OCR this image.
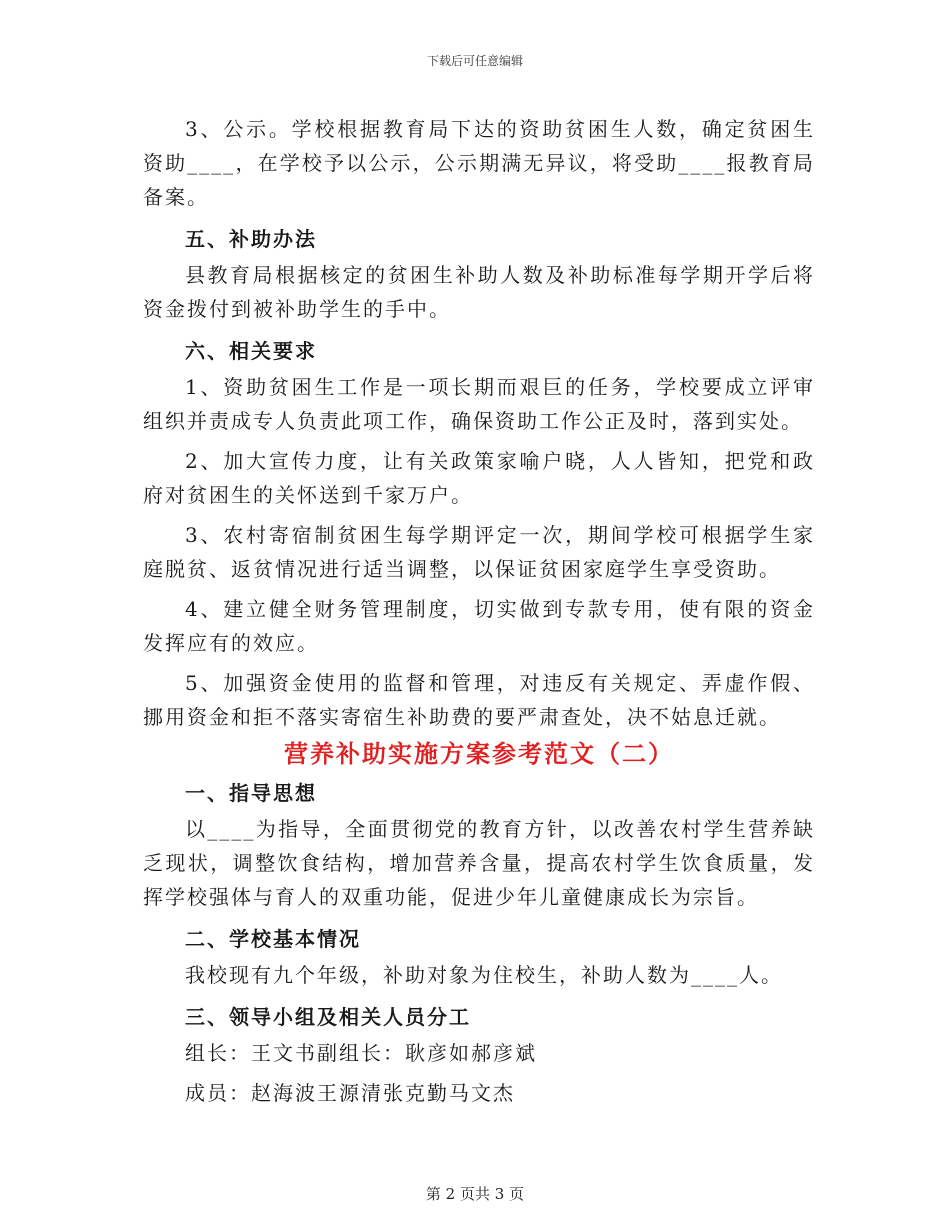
下载后可任意编辑

3、公示。学校根据教育局下达的资助贫困生人数，确定贫困生资助____，在学校予以公示，公示期满无异议，将受助____报教育局备案。

五、补助办法

县教育局根据核定的贫困生补助人数及补助标准每学期开学后将资金拨付到被补助学生的手中。

六、相关要求

1、资助贫困生工作是一项长期而艰巨的任务，学校要成立评审组织并责成专人负责此项工作，确保资助工作公正及时，落到实处。

2、加大宣传力度，让有关政策家喻户晓，人人皆知，把党和政府对贫困生的关怀送到千家万户。

3、农村寄宿制贫困生每学期评定一次，期间学校可根据学生家庭脱贫、返贫情况进行适当调整，以保证贫困家庭学生享受资助。

4、建立健全财务管理制度，切实做到专款专用，使有限的资金发挥应有的效应。

5、加强资金使用的监督和管理，对违反有关规定、弄虚作假、挪用资金和拒不落实寄宿生补助费的要严肃查处，决不姑息迁就。

营养补助实施方案参考范文（二）
一、指导思想

以____为指导，全面贯彻党的教育方针，以改善农村学生营养缺乏现状，调整饮食结构，增加营养含量，提高农村学生饮食质量，发挥学校强体与育人的双重功能，促进少年儿童健康成长为宗旨。

二、学校基本情况

我校现有九个年级，补助对象为住校生，补助人数为____人。

三、领导小组及相关人员分工

组长：王文书副组长：耿彦如郝彦斌

成员：赵海波王源清张克勤马文杰

第 2 页共 3 页
